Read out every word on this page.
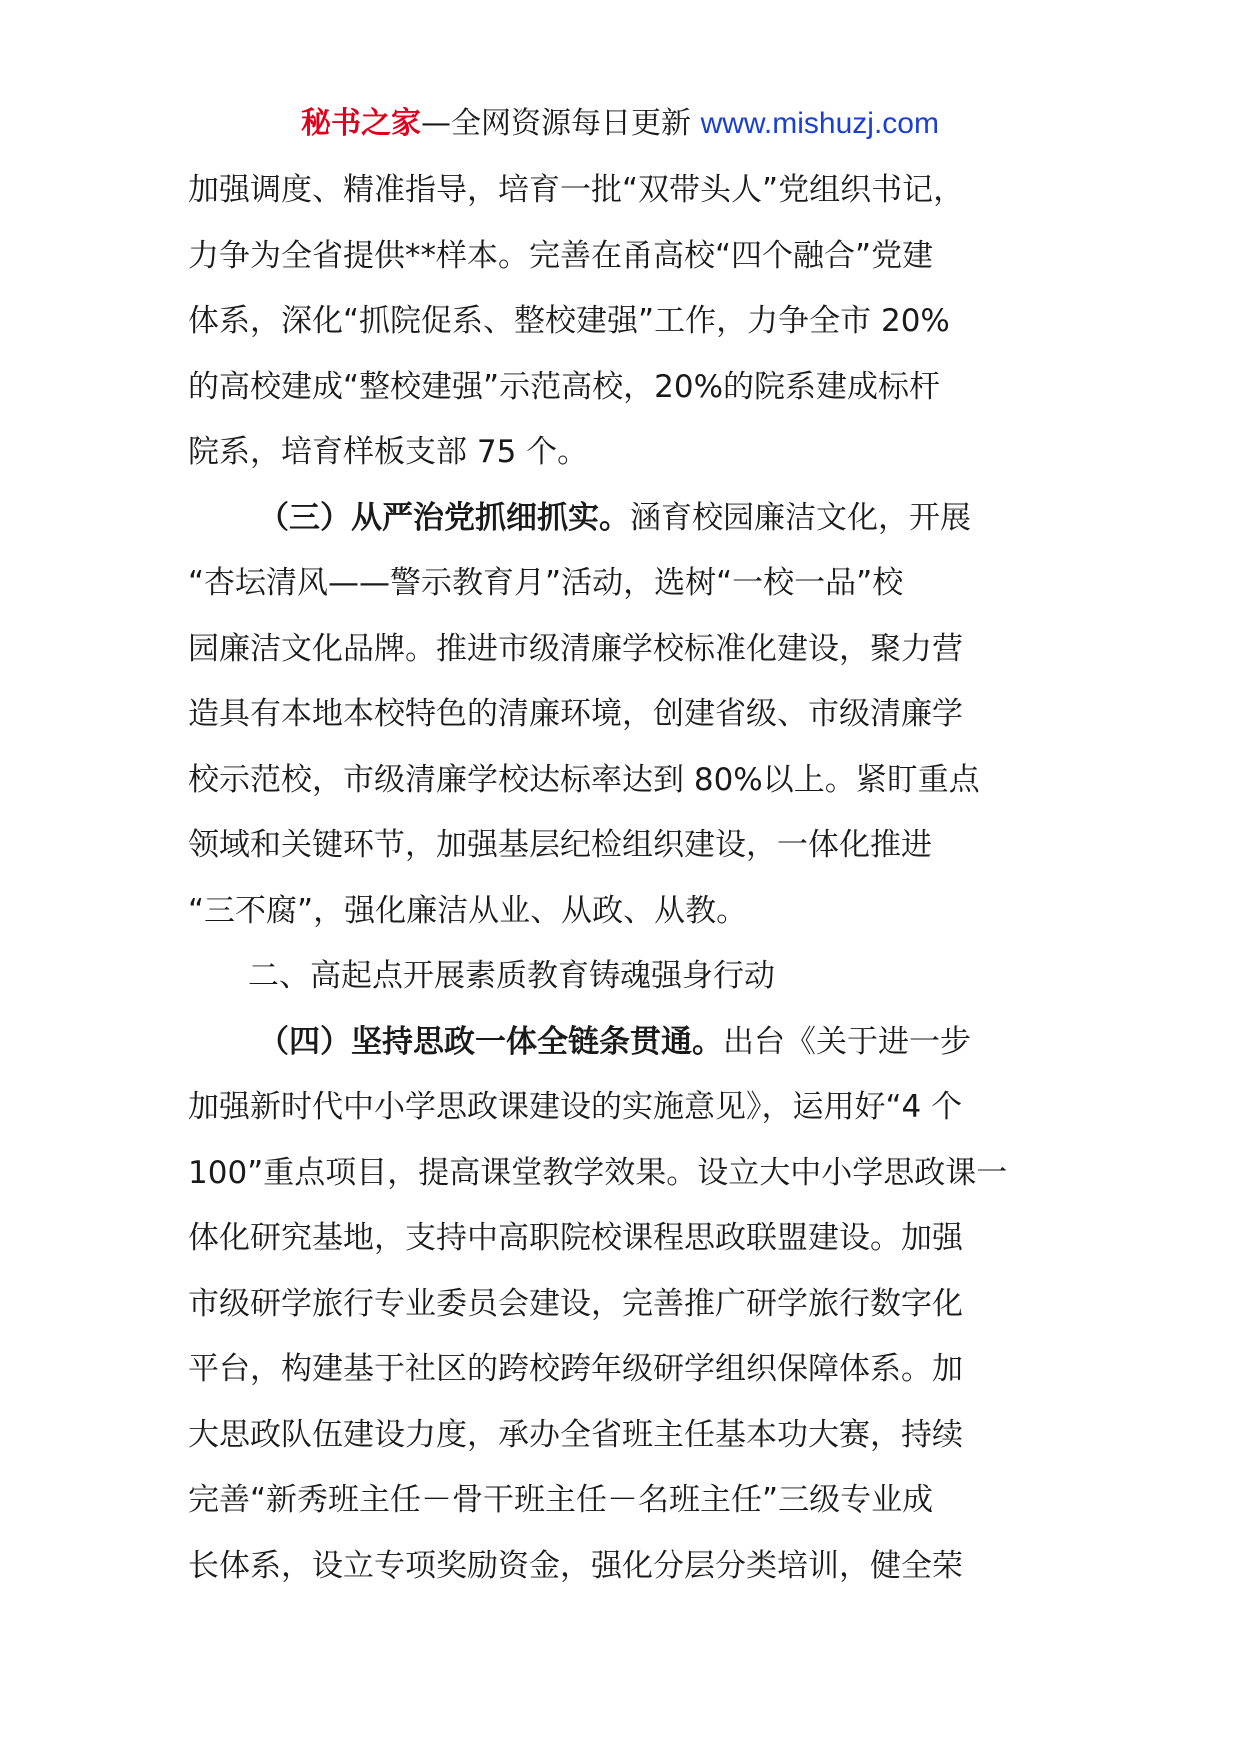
秘书之家—全网资源每日更新 www.mishuzj.com
加强调度、精准指导，培育一批“双带头人”党组织书记，
力争为全省提供**样本。完善在甬高校“四个融合”党建
体系，深化“抓院促系、整校建强”工作，力争全市 20%
的高校建成“整校建强”示范高校，20%的院系建成标杆
院系，培育样板支部 75 个。
（三）从严治党抓细抓实。涵育校园廉洁文化，开展
“杏坛清风——警示教育月”活动，选树“一校一品”校
园廉洁文化品牌。推进市级清廉学校标准化建设，聚力营
造具有本地本校特色的清廉环境，创建省级、市级清廉学
校示范校，市级清廉学校达标率达到 80%以上。紧盯重点
领域和关键环节，加强基层纪检组织建设，一体化推进
“三不腐”，强化廉洁从业、从政、从教。
二、高起点开展素质教育铸魂强身行动
（四）坚持思政一体全链条贯通。出台《关于进一步
加强新时代中小学思政课建设的实施意见》，运用好“4 个
100”重点项目，提高课堂教学效果。设立大中小学思政课一
体化研究基地，支持中高职院校课程思政联盟建设。加强
市级研学旅行专业委员会建设，完善推广研学旅行数字化
平台，构建基于社区的跨校跨年级研学组织保障体系。加
大思政队伍建设力度，承办全省班主任基本功大赛，持续
完善“新秀班主任－骨干班主任－名班主任”三级专业成
长体系，设立专项奖励资金，强化分层分类培训，健全荣
